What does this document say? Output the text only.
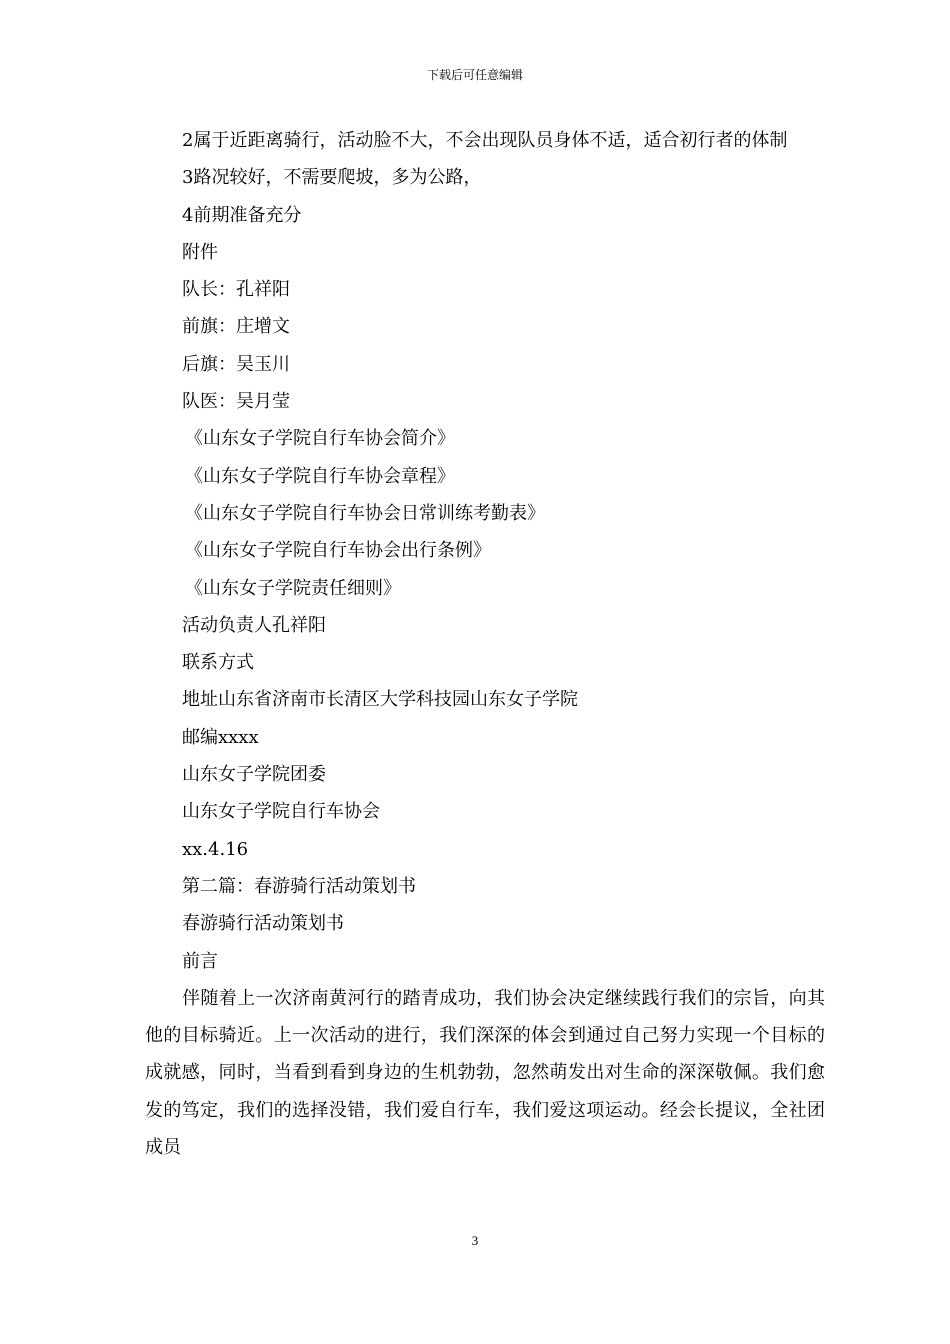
下载后可任意编辑

2属于近距离骑行，活动脸不大，不会出现队员身体不适，适合初行者的体制

3路况较好，不需要爬坡，多为公路，

4前期准备充分

附件

队长：孔祥阳

前旗：庄增文

后旗：吴玉川

队医：吴月莹

《山东女子学院自行车协会简介》

《山东女子学院自行车协会章程》

《山东女子学院自行车协会日常训练考勤表》

《山东女子学院自行车协会出行条例》

《山东女子学院责任细则》

活动负责人孔祥阳

联系方式

地址山东省济南市长清区大学科技园山东女子学院

邮编xxxx

山东女子学院团委

山东女子学院自行车协会

xx.4.16

第二篇：春游骑行活动策划书

春游骑行活动策划书

前言

伴随着上一次济南黄河行的踏青成功，我们协会决定继续践行我们的宗旨，向其他的目标骑近。上一次活动的进行，我们深深的体会到通过自己努力实现一个目标的成就感，同时，当看到看到身边的生机勃勃，忽然萌发出对生命的深深敬佩。我们愈发的笃定，我们的选择没错，我们爱自行车，我们爱这项运动。经会长提议，全社团成员

3
